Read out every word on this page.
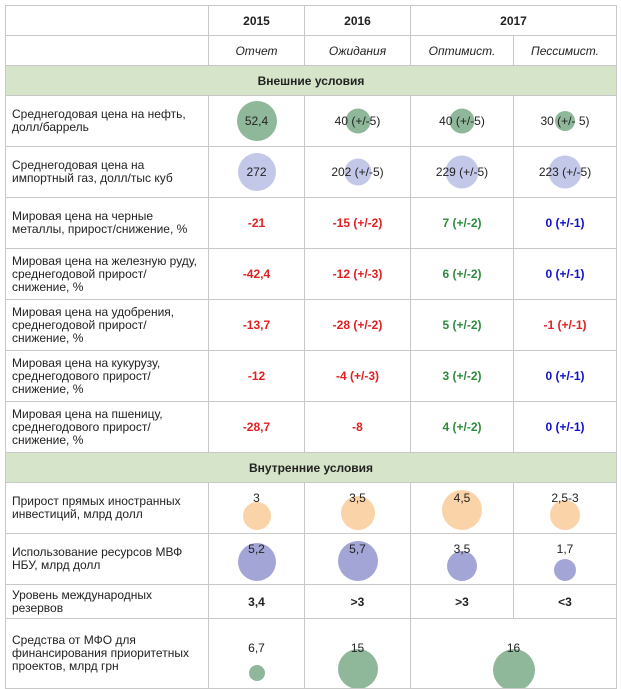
	2015	2016	2017	
	Отчет	Ожидания	Оптимист.	Пессимист.
Внешние условия				
Среднегодовая цена на нефть, долл/баррель	52,4	40 (+/-5)	40 (+/-5)	30 (+/- 5)
Среднегодовая цена на импортный газ, долл/тыс куб	272	202 (+/-5)	229 (+/-5)	223 (+/-5)
Мировая цена на черные металлы, прирост/снижение, %	-21	-15 (+/-2)	7 (+/-2)	0 (+/-1)
Мировая цена на железную руду, среднегодовой прирост/снижение, %	-42,4	-12 (+/-3)	6 (+/-2)	0 (+/-1)
Мировая цена на удобрения, среднегодовой прирост/снижение, %	-13,7	-28 (+/-2)	5 (+/-2)	-1 (+/-1)
Мировая цена на кукурузу, среднегодового прирост/снижение, %	-12	-4 (+/-3)	3 (+/-2)	0 (+/-1)
Мировая цена на пшеницу, среднегодового прирост/снижение, %	-28,7	-8	4 (+/-2)	0 (+/-1)
Внутренние условия				
Прирост прямых иностранных инвестиций, млрд долл	3	3,5	4,5	2,5-3

Использование ресурсов МВФ НБУ, млрд долл	5,2	5,7	3,5	1,7

Уровень международных резервов	3,4	>3	>3	<3
Средства от МФО для финансирования приоритетных проектов, млрд грн	6,7	15	16	
